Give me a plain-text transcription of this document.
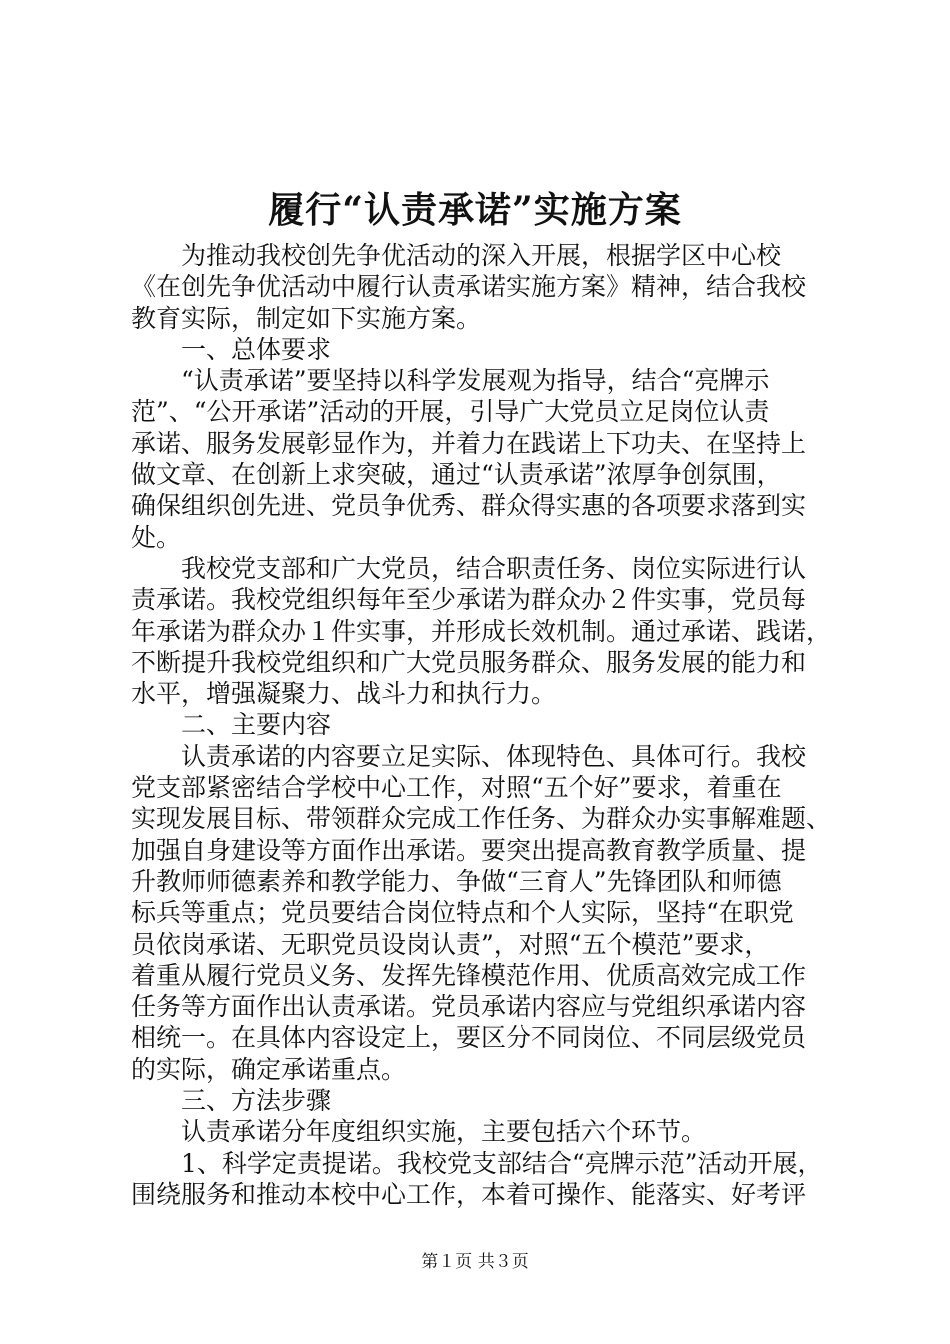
履行“认责承诺”实施方案
为推动我校创先争优活动的深入开展，根据学区中心校
《在创先争优活动中履行认责承诺实施方案》精神，结合我校
教育实际，制定如下实施方案。
一、总体要求
“认责承诺”要坚持以科学发展观为指导，结合“亮牌示
范”、“公开承诺”活动的开展，引导广大党员立足岗位认责
承诺、服务发展彰显作为，并着力在践诺上下功夫、在坚持上
做文章、在创新上求突破，通过“认责承诺”浓厚争创氛围，
确保组织创先进、党员争优秀、群众得实惠的各项要求落到实
处。
我校党支部和广大党员，结合职责任务、岗位实际进行认
责承诺。我校党组织每年至少承诺为群众办２件实事，党员每
年承诺为群众办１件实事，并形成长效机制。通过承诺、践诺，
不断提升我校党组织和广大党员服务群众、服务发展的能力和
水平，增强凝聚力、战斗力和执行力。
二、主要内容
认责承诺的内容要立足实际、体现特色、具体可行。我校
党支部紧密结合学校中心工作，对照“五个好”要求，着重在
实现发展目标、带领群众完成工作任务、为群众办实事解难题、
加强自身建设等方面作出承诺。要突出提高教育教学质量、提
升教师师德素养和教学能力、争做“三育人”先锋团队和师德
标兵等重点；党员要结合岗位特点和个人实际，坚持“在职党
员依岗承诺、无职党员设岗认责”，对照“五个模范”要求，
着重从履行党员义务、发挥先锋模范作用、优质高效完成工作
任务等方面作出认责承诺。党员承诺内容应与党组织承诺内容
相统一。在具体内容设定上，要区分不同岗位、不同层级党员
的实际，确定承诺重点。
三、方法步骤
认责承诺分年度组织实施，主要包括六个环节。
1、科学定责提诺。我校党支部结合“亮牌示范”活动开展，
围绕服务和推动本校中心工作，本着可操作、能落实、好考评
第１页 共３页
